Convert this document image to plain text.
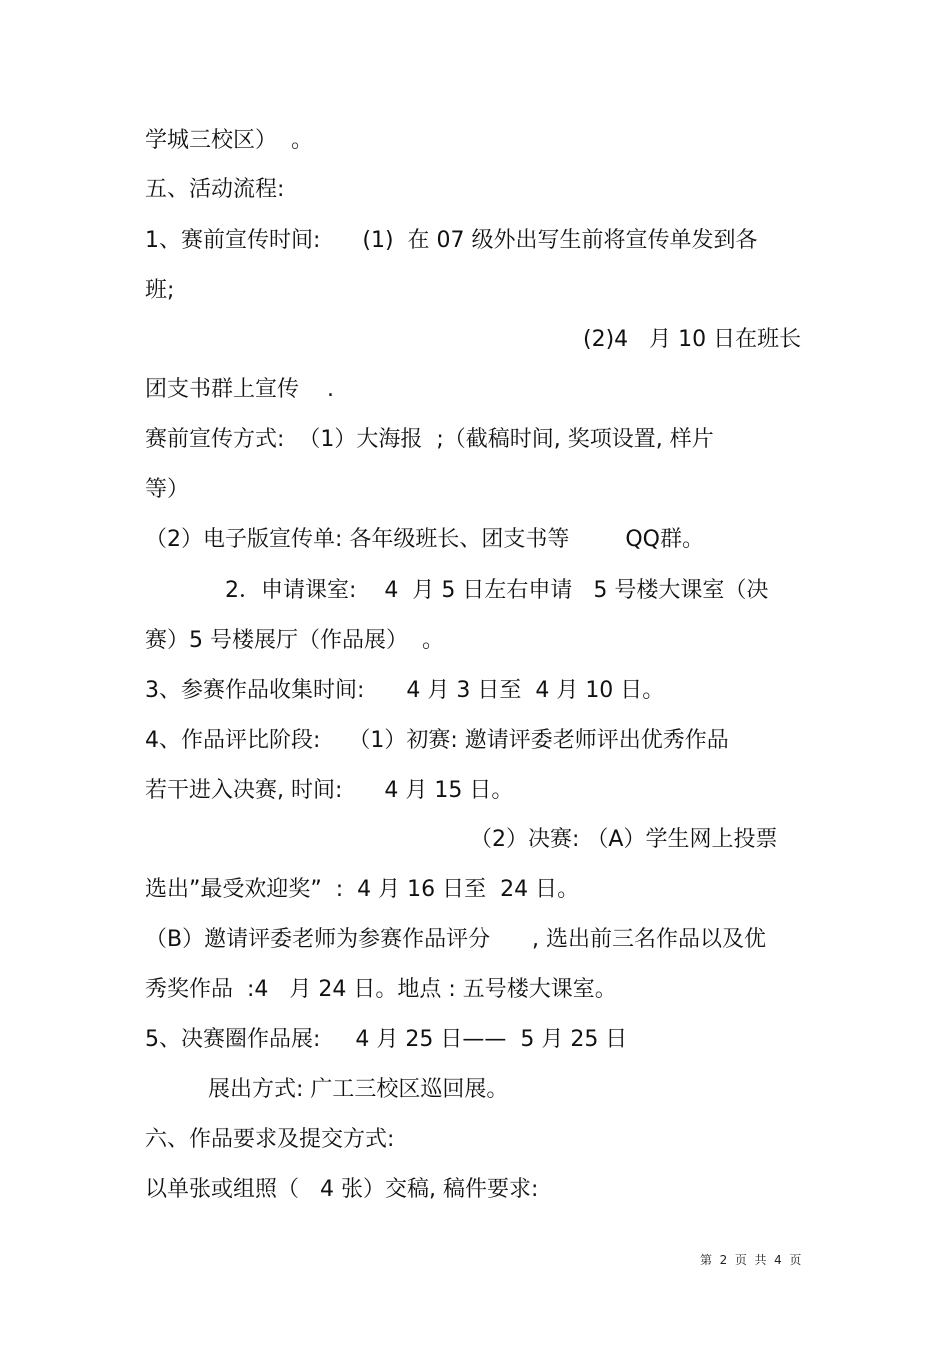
学城三校区）  。
五、活动流程:
1、赛前宣传时间:      (1)  在 07 级外出写生前将宣传单发到各
班;
(2)4   月 10 日在班长
团支书群上宣传    .
赛前宣传方式:  （1）大海报  ;（截稿时间, 奖项设置, 样片
等）
（2）电子版宣传单: 各年级班长、团支书等        QQ群。
2．申请课室:    4  月 5 日左右申请   5 号楼大课室（决
赛）5 号楼展厅（作品展）  。
3、参赛作品收集时间:      4 月 3 日至  4 月 10 日。
4、作品评比阶段:    （1）初赛: 邀请评委老师评出优秀作品
若干进入决赛, 时间:      4 月 15 日。
（2）决赛: （A）学生网上投票
选出”最受欢迎奖”  :  4 月 16 日至  24 日。
（B）邀请评委老师为参赛作品评分      , 选出前三名作品以及优
秀奖作品  :4   月 24 日。地点 : 五号楼大课室。
5、决赛圈作品展:     4 月 25 日——  5 月 25 日
展出方式: 广工三校区巡回展。
六、作品要求及提交方式:
以单张或组照（   4 张）交稿, 稿件要求:
第  2  页  共  4  页
